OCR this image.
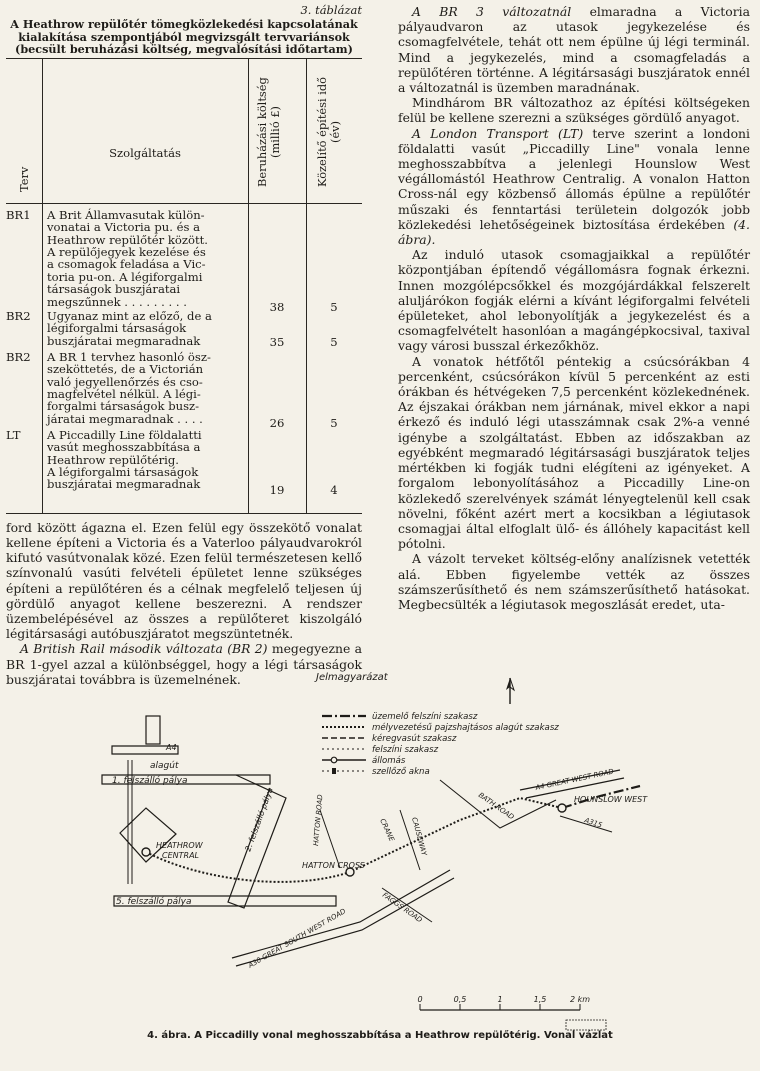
3. táblázat
A Heathrow repülőtér tömegközlekedési kapcsolatának
kialakítása szempontjából megvizsgált tervvariánsok
(becsült beruházási költség, megvalósítási időtartam)
Terv
Szolgáltatás	Beruházási költség (millió £)	Közelítő építési idő (év)
BR1	A Brit Államvasutak külön-
vonatai a Victoria pu. és a
Heathrow repülőtér között.
A repülőjegyek kezelése és
a csomagok feladása a Vic-
toria pu-on. A légiforgalmi
társaságok buszjáratai
megszűnnek . . . . . . . . .	38	5
BR2	Ugyanaz mint az előző, de a
légiforgalmi társaságok
buszjáratai megmaradnak	35	5
BR2	A BR 1 tervhez hasonló ösz-
szeköttetés, de a Victorián
való jegyellenőrzés és cso-
magfelvétel nélkül. A légi-
forgalmi társaságok busz-
járatai megmaradnak . . . .	26	5
LT	A Piccadilly Line földalatti
vasút meghosszabbítása a
Heathrow repülőtérig.
A légiforgalmi társaságok
buszjáratai megmaradnak	19	4

ford között ágazna el. Ezen felül egy összekötő vonalat kellene építeni a Victoria és a Vaterloo pályaudvarokról kifutó vasútvonalak közé. Ezen felül természetesen kellő színvonalú vasúti felvételi épületet lenne szükséges építeni a repülőtéren és a célnak megfelelő teljesen új gördülő anyagot kellene beszerezni. A rendszer üzembelépésével az összes a repülőteret kiszolgáló légitársasági autóbuszjáratot megszüntetnék.

A British Rail második változata (BR 2) megegyezne a BR 1-gyel azzal a különbséggel, hogy a légi társaságok buszjáratai továbbra is üzemelnének.

A BR 3 változatnál elmaradna a Victoria pályaudvaron az utasok jegykezelése és csomagfelvétele, tehát ott nem épülne új légi terminál. Mind a jegykezelés, mind a csomagfeladás a repülőtéren történne. A légitársasági buszjáratok ennél a változatnál is üzemben maradnának.

Mindhárom BR változathoz az építési költségeken felül be kellene szerezni a szükséges gördülő anyagot.

A London Transport (LT) terve szerint a londoni földalatti vasút „Piccadilly Line" vonala lenne meghosszabbítva a jelenlegi Hounslow West végállomástól Heathrow Centralig. A vonalon Hatton Cross-nál egy közbenső állomás épülne a repülőtér műszaki és fenntartási területein dolgozók jobb közlekedési lehetőségeinek biztosítása érdekében (4. ábra).

Az induló utasok csomagjaikkal a repülőtér központjában építendő végállomásra fognak érkezni. Innen mozgólépcsőkkel és mozgójárdákkal felszerelt aluljárókon fogják elérni a kívánt légiforgalmi felvételi épületeket, ahol lebonyolítják a jegykezelést és a csomagfelvételt hasonlóan a magángépkocsival, taxival vagy városi busszal érkezőkhöz.

A vonatok hétfőtől péntekig a csúcsórákban 4 percenként, csúcsórákon kívül 5 percenként az esti órákban és hétvégeken 7,5 percenként közlekednének. Az éjszakai órákban nem járnának, mivel ekkor a napi érkező és induló légi utasszámnak csak 2%-a venné igénybe a szolgáltatást. Ebben az időszakban az egyébként megmaradó légitársasági buszjáratok teljes mértékben ki fogják tudni elégíteni az igényeket. A forgalom lebonyolításához a Piccadilly Line-on közlekedő szerelvények számát lényegtelenül kell csak növelni, főként azért mert a kocsikban a légiutasok csomagjai által elfoglalt ülő- és állóhely kapacitást kell pótolni.

A vázolt terveket költség-előny analízisnek vetették alá. Ebben figyelembe vették az összes számszerűsíthető és nem számszerűsíthető hatásokat. Megbecsülték a légiutasok megoszlását eredet, uta-

Jelmagyarázat
üzemelő felszíni szakasz
mélyvezetésű pajzshajtásos alagút szakasz
kéregvasút szakasz
felszíni szakasz
állomás
szellőző akna
A4
alagút
1. felszálló pálya
2. felszálló pálya
HEATHROW
CENTRAL
HATTON ROAD
HATTON CROSS
5. felszálló pálya
CRANE
A30 GREAT SOUTH WEST ROAD	FAGGS ROAD
BATH ROAD
CAUSEWAY
A4 GREAT WEST ROAD
HOUNSLOW WEST
A315
0	0,5	1	1,5	2 km
4. ábra. A Piccadilly vonal meghosszabbítása a Heathrow repülőtérig. Vonal vázlat
